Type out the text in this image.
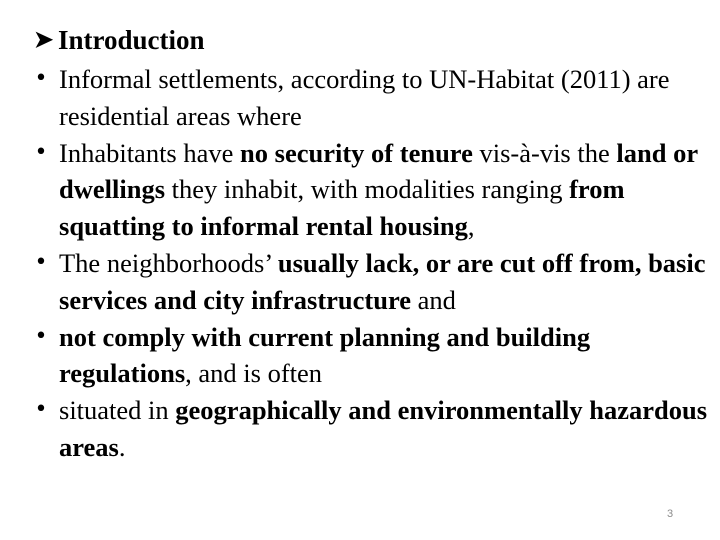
➤ Introduction
• Informal settlements, according to UN-Habitat (2011) are residential areas where
• Inhabitants have no security of tenure vis-à-vis the land or dwellings they inhabit, with modalities ranging from squatting to informal rental housing,
• The neighborhoods’ usually lack, or are cut off from, basic services and city infrastructure and
• not comply with current planning and building regulations, and is often
• situated in geographically and environmentally hazardous areas.
3
